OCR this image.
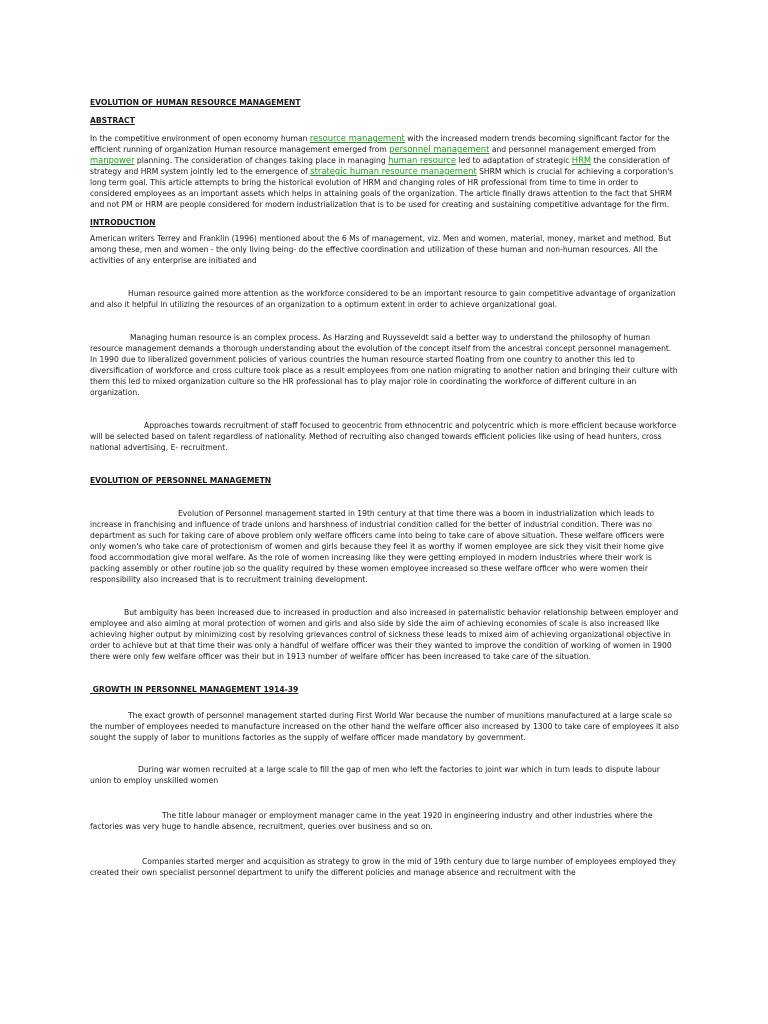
EVOLUTION OF HUMAN RESOURCE MANAGEMENT

ABSTRACT

In the competitive environment of open economy human resource management with the increased modern trends becoming significant factor for the efficient running of organization Human resource management emerged from personnel management and personnel management emerged from manpower planning. The consideration of changes taking place in managing human resource led to adaptation of strategic HRM the consideration of strategy and HRM system jointly led to the emergence of strategic human resource management SHRM which is crucial for achieving a corporation's long term goal. This article attempts to bring the historical evolution of HRM and changing roles of HR professional from time to time in order to considered employees as an important assets which helps in attaining goals of the organization. The article finally draws attention to the fact that SHRM and not PM or HRM are people considered for modern industrialization that is to be used for creating and sustaining competitive advantage for the firm.

INTRODUCTION

American writers Terrey and Franklin (1996) mentioned about the 6 Ms of management, viz. Men and women, material, money, market and method. But among these, men and women - the only living being- do the effective coordination and utilization of these human and non-human resources. All the activities of any enterprise are initiated and

Human resource gained more attention as the workforce considered to be an important resource to gain competitive advantage of organization and also it helpful in utilizing the resources of an organization to a optimum extent in order to achieve organizational goal.

Managing human resource is an complex process. As Harzing and Ruysseveldt said a better way to understand the philosophy of human resource management demands a thorough understanding about the evolution of the concept itself from the ancestral concept personnel management. In 1990 due to liberalized government policies of various countries the human resource started floating from one country to another this led to diversification of workforce and cross culture took place as a result employees from one nation migrating to another nation and bringing their culture with them this led to mixed organization culture so the HR professional has to play major role in coordinating the workforce of different culture in an organization.

Approaches towards recruitment of staff focused to geocentric from ethnocentric and polycentric which is more efficient because workforce will be selected based on talent regardless of nationality. Method of recruiting also changed towards efficient policies like using of head hunters, cross national advertising, E- recruitment.

EVOLUTION OF PERSONNEL MANAGEMETN

Evolution of Personnel management started in 19th century at that time there was a boom in industrialization which leads to increase in franchising and influence of trade unions and harshness of industrial condition called for the better of industrial condition. There was no department as such for taking care of above problem only welfare officers came into being to take care of above situation. These welfare officers were only women's who take care of protectionism of women and girls because they feel it as worthy if women employee are sick they visit their home give food accommodation give moral welfare. As the role of women increasing like they were getting employed in modern industries where their work is packing assembly or other routine job so the quality required by these women employee increased so these welfare officer who were women their responsibility also increased that is to recruitment training development.

But ambiguity has been increased due to increased in production and also increased in paternalistic behavior relationship between employer and employee and also aiming at moral protection of women and girls and also side by side the aim of achieving economies of scale is also increased like achieving higher output by minimizing cost by resolving grievances control of sickness these leads to mixed aim of achieving organizational objective in order to achieve but at that time their was only a handful of welfare officer was their they wanted to improve the condition of working of women in 1900 there were only few welfare officer was their but in 1913 number of welfare officer has been increased to take care of the situation.

GROWTH IN PERSONNEL MANAGEMENT 1914-39

The exact growth of personnel management started during First World War because the number of munitions manufactured at a large scale so the number of employees needed to manufacture increased on the other hand the welfare officer also increased by 1300 to take care of employees it also sought the supply of labor to munitions factories as the supply of welfare officer made mandatory by government.

During war women recruited at a large scale to fill the gap of men who left the factories to joint war which in turn leads to dispute labour union to employ unskilled women

The title labour manager or employment manager came in the yeat 1920 in engineering industry and other industries where the factories was very huge to handle absence, recruitment, queries over business and so on.

Companies started merger and acquisition as strategy to grow in the mid of 19th century due to large number of employees employed they created their own specialist personnel department to unify the different policies and manage absence and recruitment with the
